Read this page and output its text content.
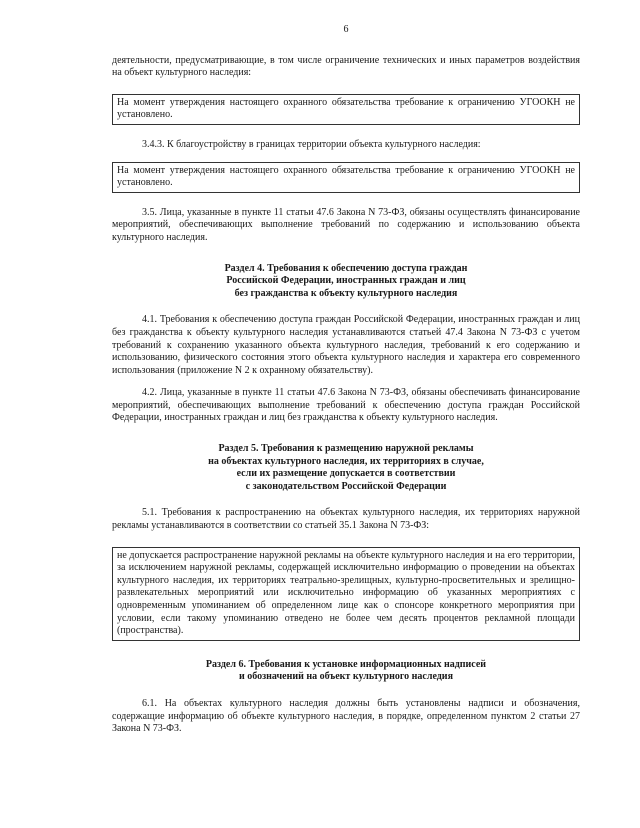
6

деятельности, предусматривающие, в том числе ограничение технических и иных параметров воздействия на объект культурного наследия:

На момент утверждения настоящего охранного обязательства требование к ограничению УГООКН не установлено.

3.4.3. К благоустройству в границах территории объекта культурного наследия:

На момент утверждения настоящего охранного обязательства требование к ограничению УГООКН не установлено.

3.5. Лица, указанные в пункте 11 статьи 47.6 Закона N 73-ФЗ, обязаны осуществлять финансирование мероприятий, обеспечивающих выполнение требований по содержанию и использованию объекта культурного наследия.

Раздел 4. Требования к обеспечению доступа граждан
Российской Федерации, иностранных граждан и лиц
без гражданства к объекту культурного наследия

4.1. Требования к обеспечению доступа граждан Российской Федерации, иностранных граждан и лиц без гражданства к объекту культурного наследия устанавливаются статьей 47.4 Закона N 73-ФЗ с учетом требований к сохранению указанного объекта культурного наследия, требований к его содержанию и использованию, физического состояния этого объекта культурного наследия и характера его современного использования (приложение N 2 к охранному обязательству).

4.2. Лица, указанные в пункте 11 статьи 47.6 Закона N 73-ФЗ, обязаны обеспечивать финансирование мероприятий, обеспечивающих выполнение требований к обеспечению доступа граждан Российской Федерации, иностранных граждан и лиц без гражданства к объекту культурного наследия.

Раздел 5. Требования к размещению наружной рекламы
на объектах культурного наследия, их территориях в случае,
если их размещение допускается в соответствии
с законодательством Российской Федерации

5.1. Требования к распространению на объектах культурного наследия, их территориях наружной рекламы устанавливаются в соответствии со статьей 35.1 Закона N 73-ФЗ:

не допускается распространение наружной рекламы на объекте культурного наследия и на его территории, за исключением наружной рекламы, содержащей исключительно информацию о проведении на объектах культурного наследия, их территориях театрально-зрелищных, культурно-просветительных и зрелищно-развлекательных мероприятий или исключительно информацию об указанных мероприятиях с одновременным упоминанием об определенном лице как о спонсоре конкретного мероприятия при условии, если такому упоминанию отведено не более чем десять процентов рекламной площади (пространства).
Раздел 6. Требования к установке информационных надписей
и обозначений на объект культурного наследия

6.1. На объектах культурного наследия должны быть установлены надписи и обозначения, содержащие информацию об объекте культурного наследия, в порядке, определенном пунктом 2 статьи 27 Закона N 73-ФЗ.
